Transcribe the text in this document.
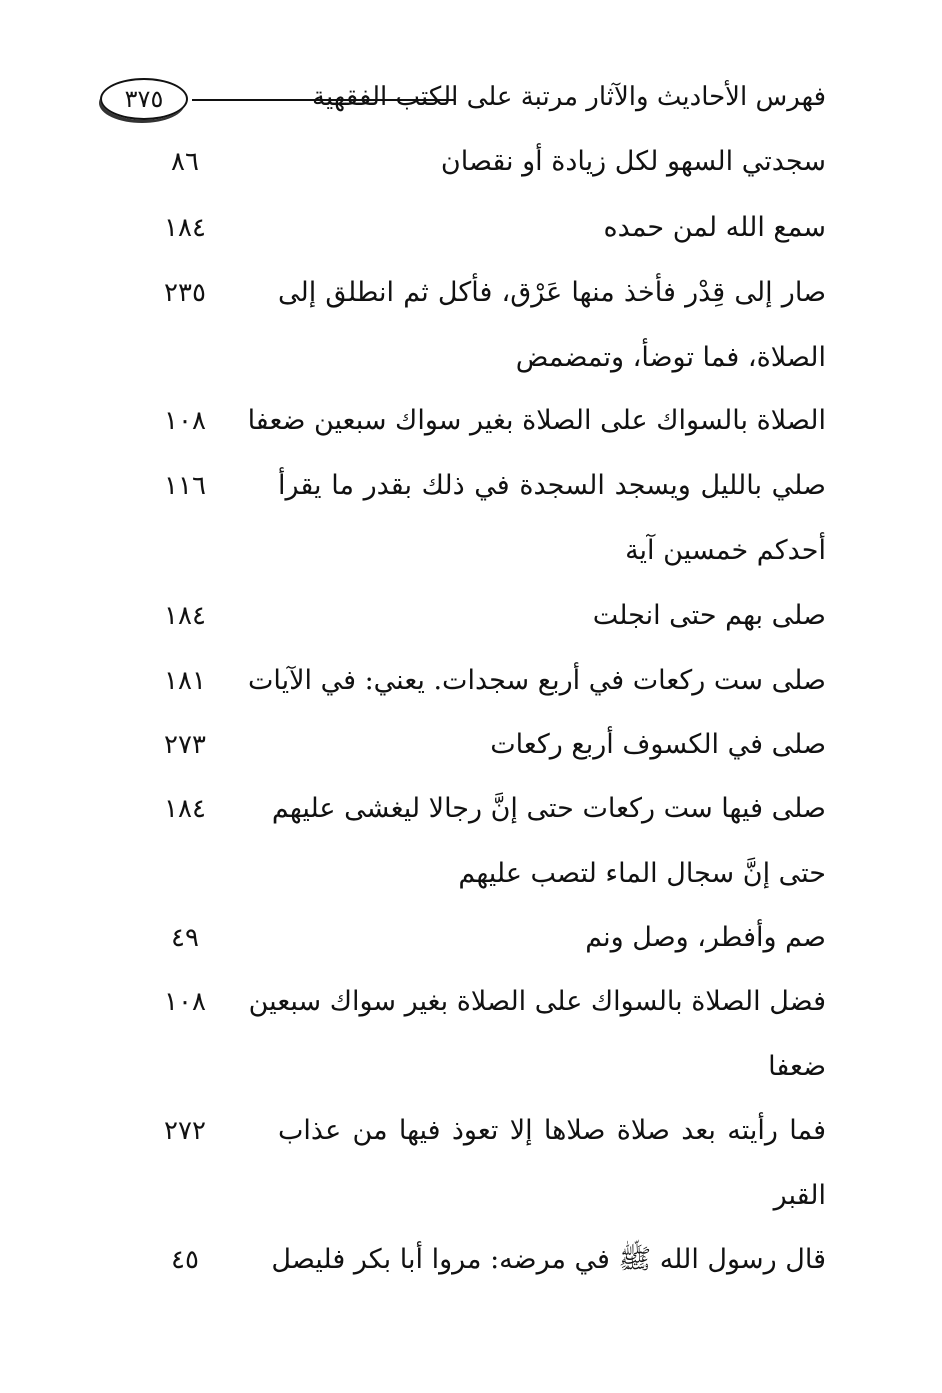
٣٧٥	فهرس الأحاديث والآثار مرتبة على الكتب الفقهية
سجدتي السهو لكل زيادة أو نقصان
٨٦
سمع الله لمن حمده
١٨٤
صار إلى قِدْر فأخذ منها عَرْق، فأكل ثم انطلق إلى
٢٣٥
الصلاة، فما توضأ، وتمضمض
الصلاة بالسواك على الصلاة بغير سواك سبعين ضعفا
١٠٨
صلي بالليل ويسجد السجدة في ذلك بقدر ما يقرأ
١١٦
أحدكم خمسين آية
صلى بهم حتى انجلت
١٨٤
صلى ست ركعات في أربع سجدات. يعني: في الآيات
١٨١
صلى في الكسوف أربع ركعات
٢٧٣
صلى فيها ست ركعات حتى إنَّ رجالا ليغشى عليهم
١٨٤
حتى إنَّ سجال الماء لتصب عليهم
صم وأفطر، وصل ونم
٤٩
فضل الصلاة بالسواك على الصلاة بغير سواك سبعين
١٠٨
ضعفا
فما رأيته بعد صلاة صلاها إلا تعوذ فيها من عذاب
٢٧٢
القبر
قال رسول الله ﷺ في مرضه: مروا أبا بكر فليصل
٤٥
